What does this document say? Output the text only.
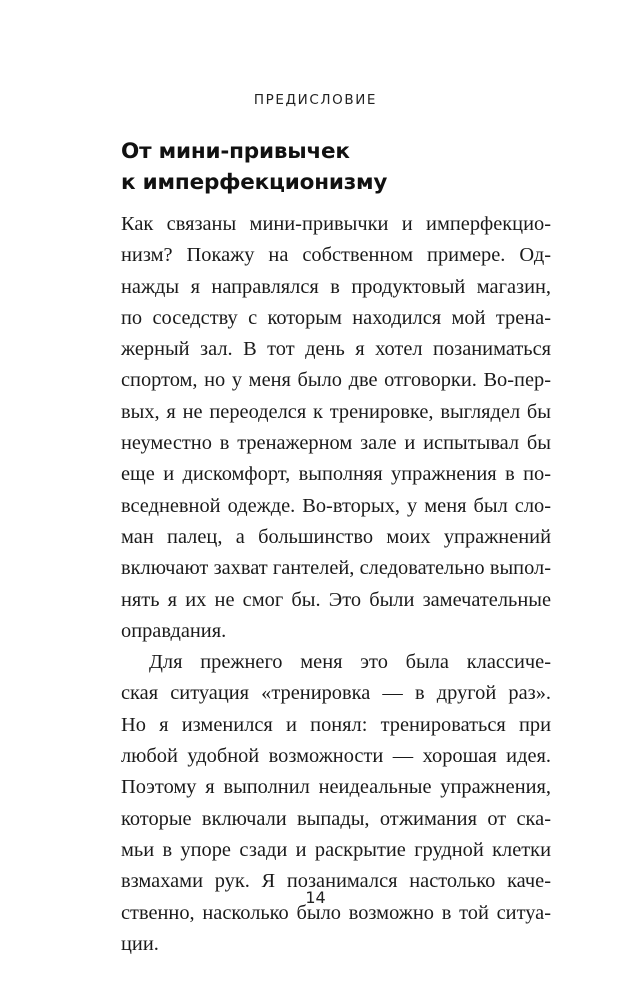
ПРЕДИСЛОВИЕ
От мини-привычек
к имперфекционизму
Как связаны мини-привычки и имперфекцио-
низм? Покажу на собственном примере. Од-
нажды я направлялся в продуктовый магазин,
по соседству с которым находился мой трена-
жерный зал. В тот день я хотел позаниматься
спортом, но у меня было две отговорки. Во-пер-
вых, я не переоделся к тренировке, выглядел бы
неуместно в тренажерном зале и испытывал бы
еще и дискомфорт, выполняя упражнения в по-
вседневной одежде. Во-вторых, у меня был сло-
ман палец, а большинство моих упражнений
включают захват гантелей, следовательно выпол-
нять я их не смог бы. Это были замечательные
оправдания.
Для прежнего меня это была классиче-
ская ситуация «тренировка — в другой раз».
Но я изменился и понял: тренироваться при
любой удобной возможности — хорошая идея.
Поэтому я выполнил неидеальные упражнения,
которые включали выпады, отжимания от ска-
мьи в упоре сзади и раскрытие грудной клетки
взмахами рук. Я позанимался настолько каче-
ственно, насколько было возможно в той ситуа-
ции.
14
